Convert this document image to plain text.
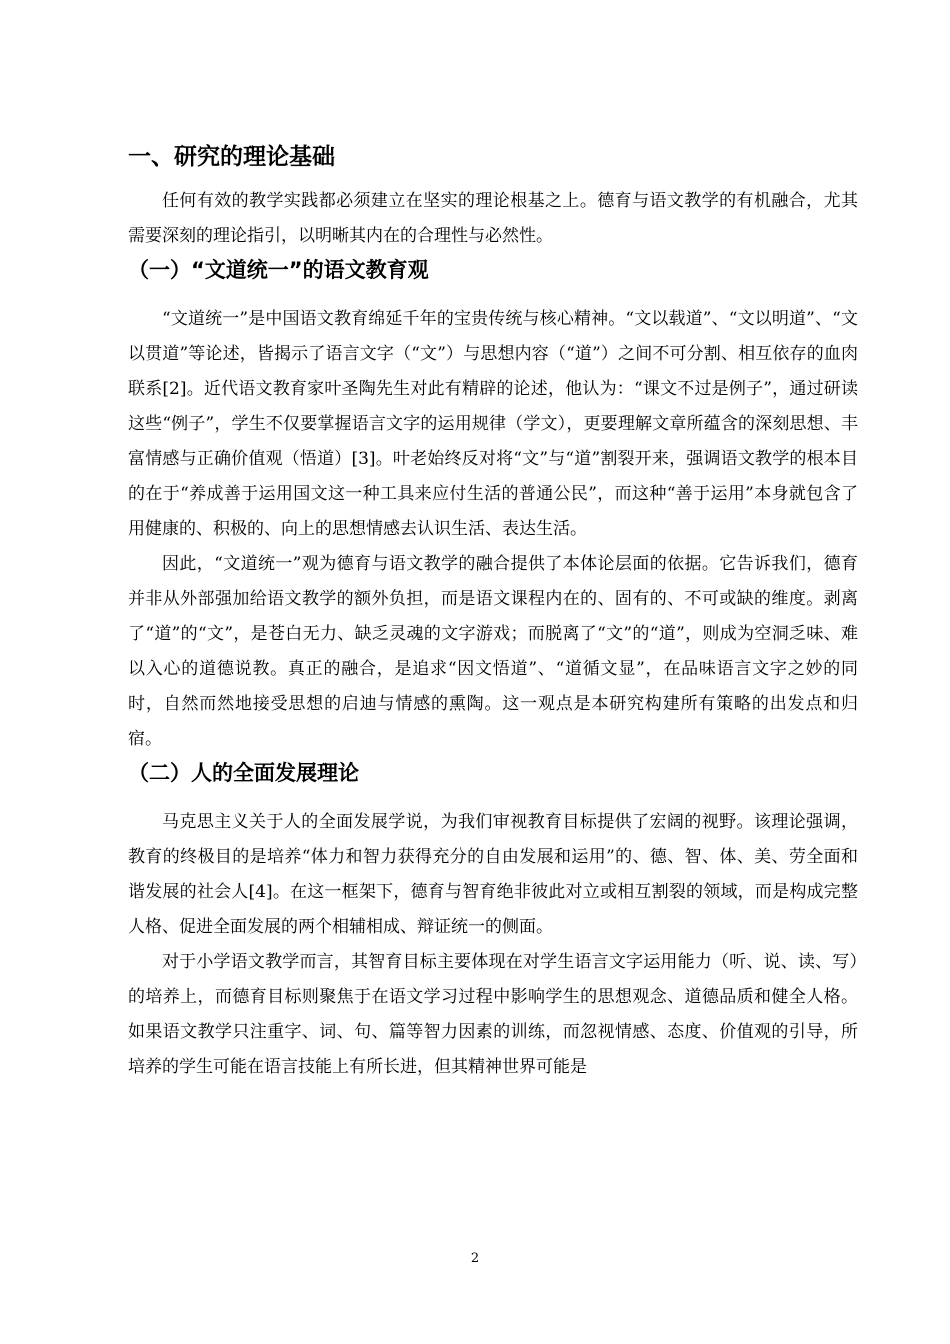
一、研究的理论基础

任何有效的教学实践都必须建立在坚实的理论根基之上。德育与语文教学的有机融合，尤其需要深刻的理论指引，以明晰其内在的合理性与必然性。

（一）“文道统一”的语文教育观

“文道统一”是中国语文教育绵延千年的宝贵传统与核心精神。“文以载道”、“文以明道”、“文以贯道”等论述，皆揭示了语言文字（“文”）与思想内容（“道”）之间不可分割、相互依存的血肉联系[2]。近代语文教育家叶圣陶先生对此有精辟的论述，他认为：“课文不过是例子”，通过研读这些“例子”，学生不仅要掌握语言文字的运用规律（学文），更要理解文章所蕴含的深刻思想、丰富情感与正确价值观（悟道）[3]。叶老始终反对将“文”与“道”割裂开来，强调语文教学的根本目的在于“养成善于运用国文这一种工具来应付生活的普通公民”，而这种“善于运用”本身就包含了用健康的、积极的、向上的思想情感去认识生活、表达生活。

因此，“文道统一”观为德育与语文教学的融合提供了本体论层面的依据。它告诉我们，德育并非从外部强加给语文教学的额外负担，而是语文课程内在的、固有的、不可或缺的维度。剥离了“道”的“文”，是苍白无力、缺乏灵魂的文字游戏；而脱离了“文”的“道”，则成为空洞乏味、难以入心的道德说教。真正的融合，是追求“因文悟道”、“道循文显”，在品味语言文字之妙的同时，自然而然地接受思想的启迪与情感的熏陶。这一观点是本研究构建所有策略的出发点和归宿。

（二）人的全面发展理论

马克思主义关于人的全面发展学说，为我们审视教育目标提供了宏阔的视野。该理论强调，教育的终极目的是培养“体力和智力获得充分的自由发展和运用”的、德、智、体、美、劳全面和谐发展的社会人[4]。在这一框架下，德育与智育绝非彼此对立或相互割裂的领域，而是构成完整人格、促进全面发展的两个相辅相成、辩证统一的侧面。

对于小学语文教学而言，其智育目标主要体现在对学生语言文字运用能力（听、说、读、写）的培养上，而德育目标则聚焦于在语文学习过程中影响学生的思想观念、道德品质和健全人格。如果语文教学只注重字、词、句、篇等智力因素的训练，而忽视情感、态度、价值观的引导，所培养的学生可能在语言技能上有所长进，但其精神世界可能是

2
